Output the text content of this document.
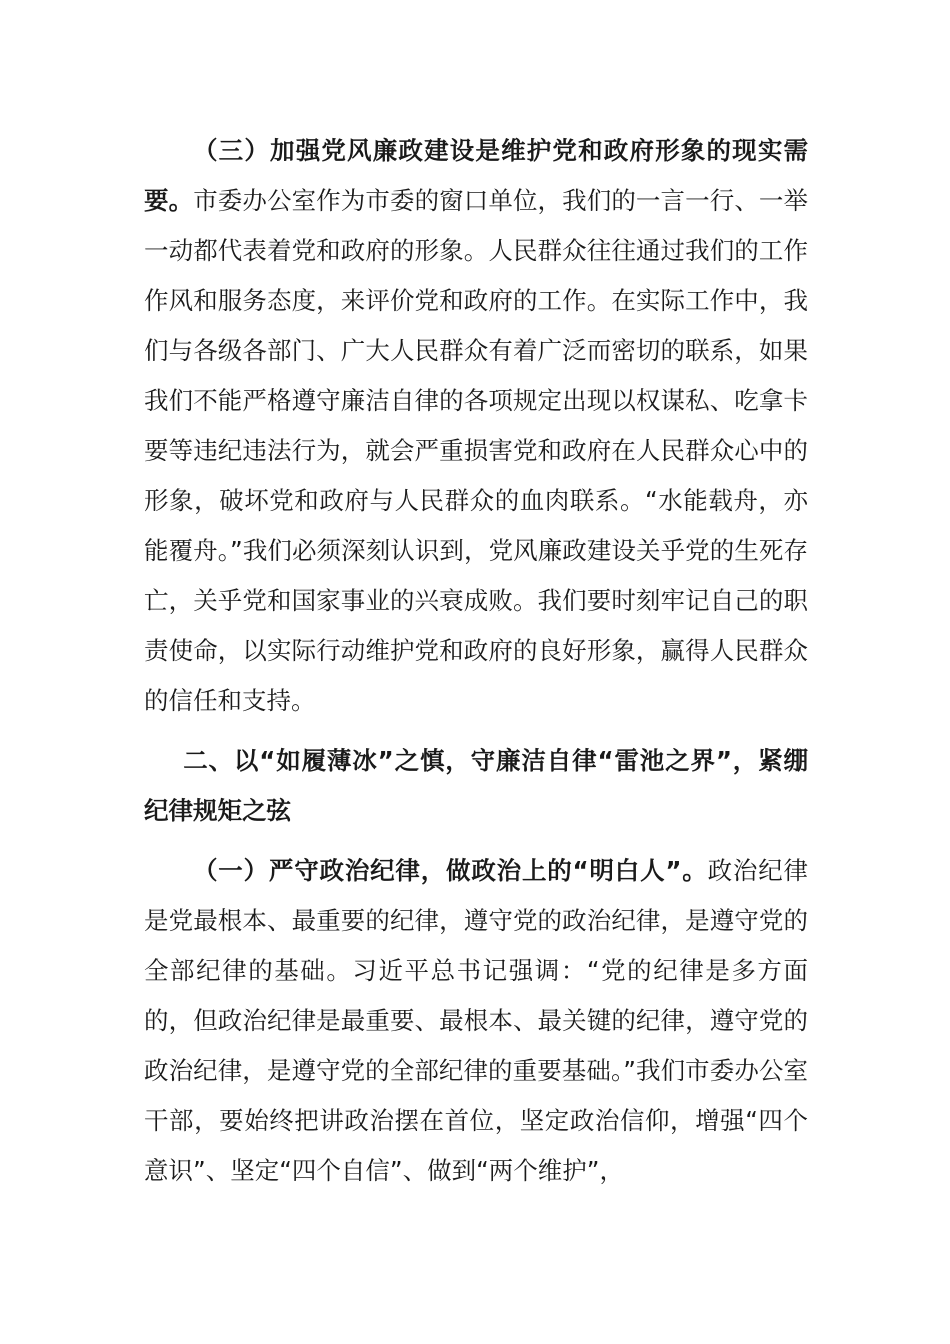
（三）加强党风廉政建设是维护党和政府形象的现实需要。市委办公室作为市委的窗口单位，我们的一言一行、一举一动都代表着党和政府的形象。人民群众往往通过我们的工作作风和服务态度，来评价党和政府的工作。在实际工作中，我们与各级各部门、广大人民群众有着广泛而密切的联系，如果我们不能严格遵守廉洁自律的各项规定出现以权谋私、吃拿卡要等违纪违法行为，就会严重损害党和政府在人民群众心中的形象，破坏党和政府与人民群众的血肉联系。“水能载舟，亦能覆舟。”我们必须深刻认识到，党风廉政建设关乎党的生死存亡，关乎党和国家事业的兴衰成败。我们要时刻牢记自己的职责使命，以实际行动维护党和政府的良好形象，赢得人民群众的信任和支持。

二、以“如履薄冰”之慎，守廉洁自律“雷池之界”，紧绷纪律规矩之弦

（一）严守政治纪律，做政治上的“明白人”。政治纪律是党最根本、最重要的纪律，遵守党的政治纪律，是遵守党的全部纪律的基础。习近平总书记强调：“党的纪律是多方面的，但政治纪律是最重要、最根本、最关键的纪律，遵守党的政治纪律，是遵守党的全部纪律的重要基础。”我们市委办公室干部，要始终把讲政治摆在首位，坚定政治信仰，增强“四个意识”、坚定“四个自信”、做到“两个维护”，
